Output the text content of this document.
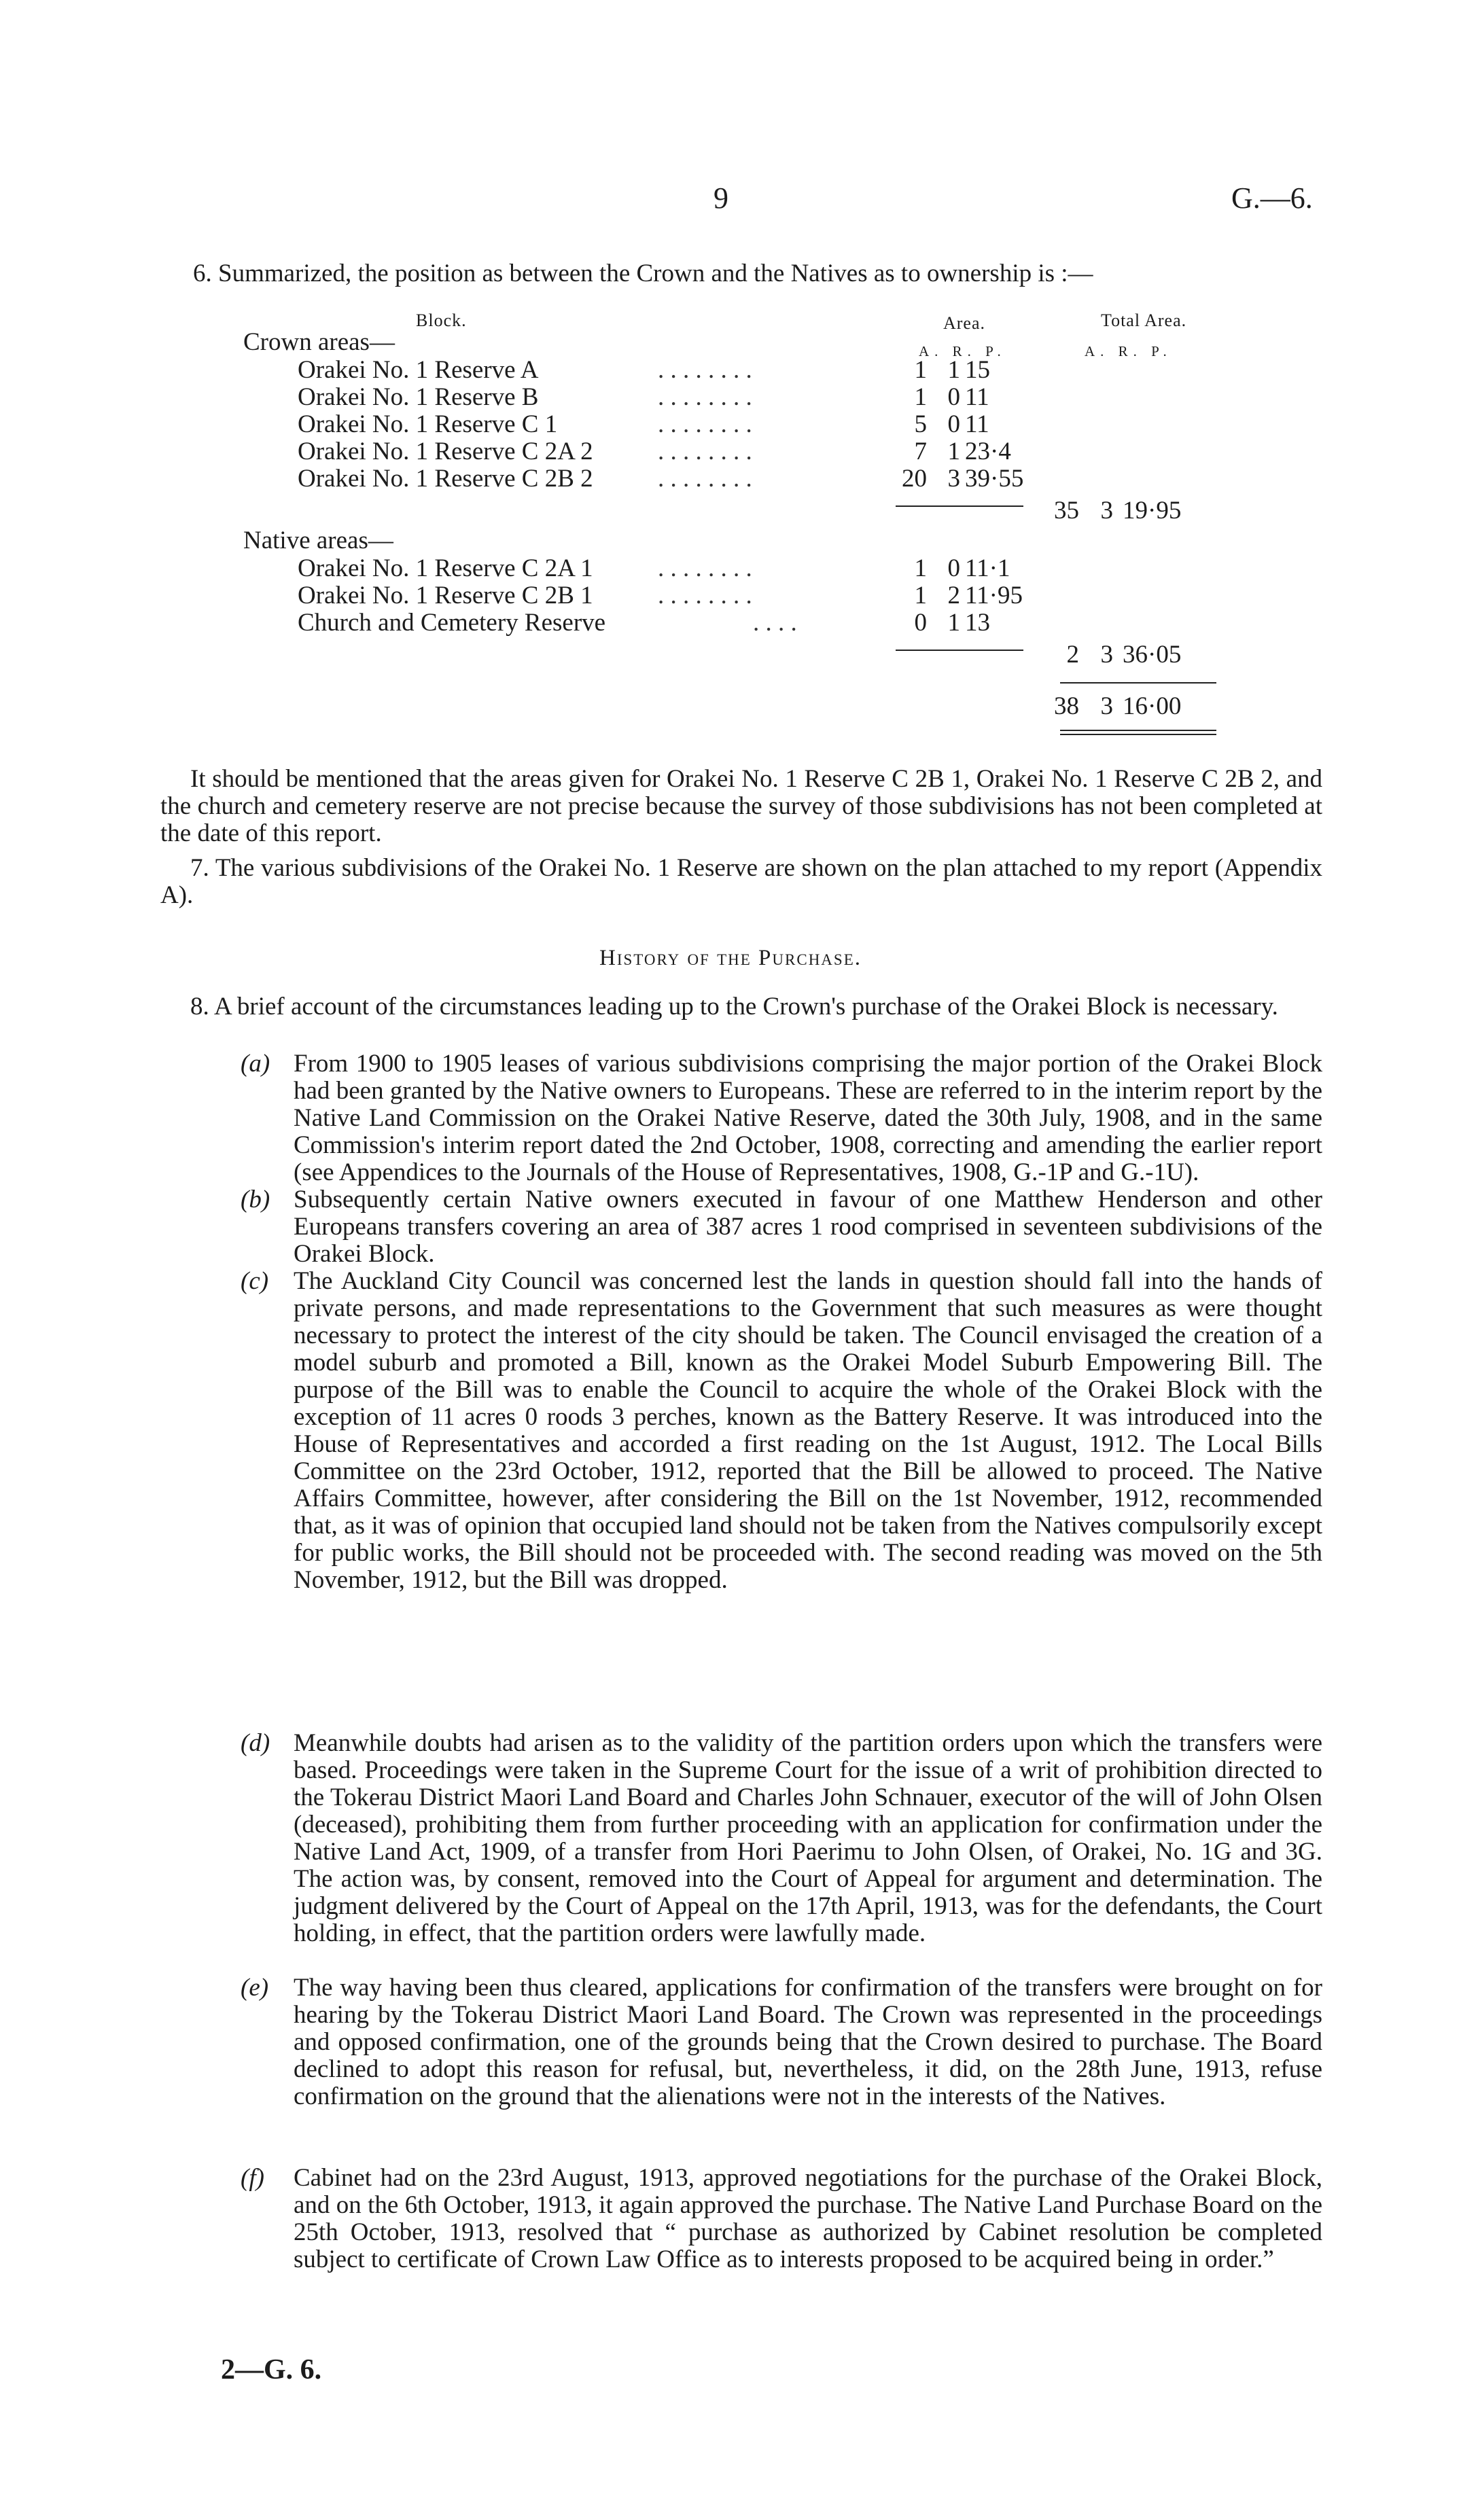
9	G.—6.
6. Summarized, the position as between the Crown and the Natives as to ownership is :—
Block.	Area.	Total Area.
A. R. P.	A. R. P.
Crown areas—
Orakei No. 1 Reserve A	. . . . . . . .	1 1 15
Orakei No. 1 Reserve B	. . . . . . . .	1 0 11
Orakei No. 1 Reserve C 1	. . . . . . . .	5 0 11
Orakei No. 1 Reserve C 2A 2	. . . . . . . .	7 1 23·4
Orakei No. 1 Reserve C 2B 2	. . . . . . . .	20 3 39·55
35 3 19·95
Native areas—
Orakei No. 1 Reserve C 2A 1	. . . . . . . .	1 0 11·1
Orakei No. 1 Reserve C 2B 1	. . . . . . . .	1 2 11·95
Church and Cemetery Reserve	. . . .	0 1 13
2 3 36·05
38 3 16·00

It should be mentioned that the areas given for Orakei No. 1 Reserve C 2B 1, Orakei No. 1 Reserve C 2B 2, and the church and cemetery reserve are not precise because the survey of those subdivisions has not been completed at the date of this report.

7. The various subdivisions of the Orakei No. 1 Reserve are shown on the plan attached to my report (Appendix A).

History of the Purchase.

8. A brief account of the circumstances leading up to the Crown's purchase of the Orakei Block is necessary.

(a) From 1900 to 1905 leases of various subdivisions comprising the major portion of the Orakei Block had been granted by the Native owners to Europeans. These are referred to in the interim report by the Native Land Commission on the Orakei Native Reserve, dated the 30th July, 1908, and in the same Commission's interim report dated the 2nd October, 1908, correcting and amending the earlier report (see Appendices to the Journals of the House of Representatives, 1908, G.-1P and G.-1U).
(b) Subsequently certain Native owners executed in favour of one Matthew Henderson and other Europeans transfers covering an area of 387 acres 1 rood comprised in seventeen subdivisions of the Orakei Block.
(c) The Auckland City Council was concerned lest the lands in question should fall into the hands of private persons, and made representations to the Government that such measures as were thought necessary to protect the interest of the city should be taken. The Council envisaged the creation of a model suburb and promoted a Bill, known as the Orakei Model Suburb Empowering Bill. The purpose of the Bill was to enable the Council to acquire the whole of the Orakei Block with the exception of 11 acres 0 roods 3 perches, known as the Battery Reserve. It was introduced into the House of Representatives and accorded a first reading on the 1st August, 1912. The Local Bills Committee on the 23rd October, 1912, reported that the Bill be allowed to proceed. The Native Affairs Committee, however, after considering the Bill on the 1st November, 1912, recommended that, as it was of opinion that occupied land should not be taken from the Natives compulsorily except for public works, the Bill should not be proceeded with. The second reading was moved on the 5th November, 1912, but the Bill was dropped.
(d) Meanwhile doubts had arisen as to the validity of the partition orders upon which the transfers were based. Proceedings were taken in the Supreme Court for the issue of a writ of prohibition directed to the Tokerau District Maori Land Board and Charles John Schnauer, executor of the will of John Olsen (deceased), prohibiting them from further proceeding with an application for confirmation under the Native Land Act, 1909, of a transfer from Hori Paerimu to John Olsen, of Orakei, No. 1G and 3G. The action was, by consent, removed into the Court of Appeal for argument and determination. The judgment delivered by the Court of Appeal on the 17th April, 1913, was for the defendants, the Court holding, in effect, that the partition orders were lawfully made.
(e) The way having been thus cleared, applications for confirmation of the transfers were brought on for hearing by the Tokerau District Maori Land Board. The Crown was represented in the proceedings and opposed confirmation, one of the grounds being that the Crown desired to purchase. The Board declined to adopt this reason for refusal, but, nevertheless, it did, on the 28th June, 1913, refuse confirmation on the ground that the alienations were not in the interests of the Natives.
(f) Cabinet had on the 23rd August, 1913, approved negotiations for the purchase of the Orakei Block, and on the 6th October, 1913, it again approved the purchase. The Native Land Purchase Board on the 25th October, 1913, resolved that “ purchase as authorized by Cabinet resolution be completed subject to certificate of Crown Law Office as to interests proposed to be acquired being in order.”
2—G. 6.
